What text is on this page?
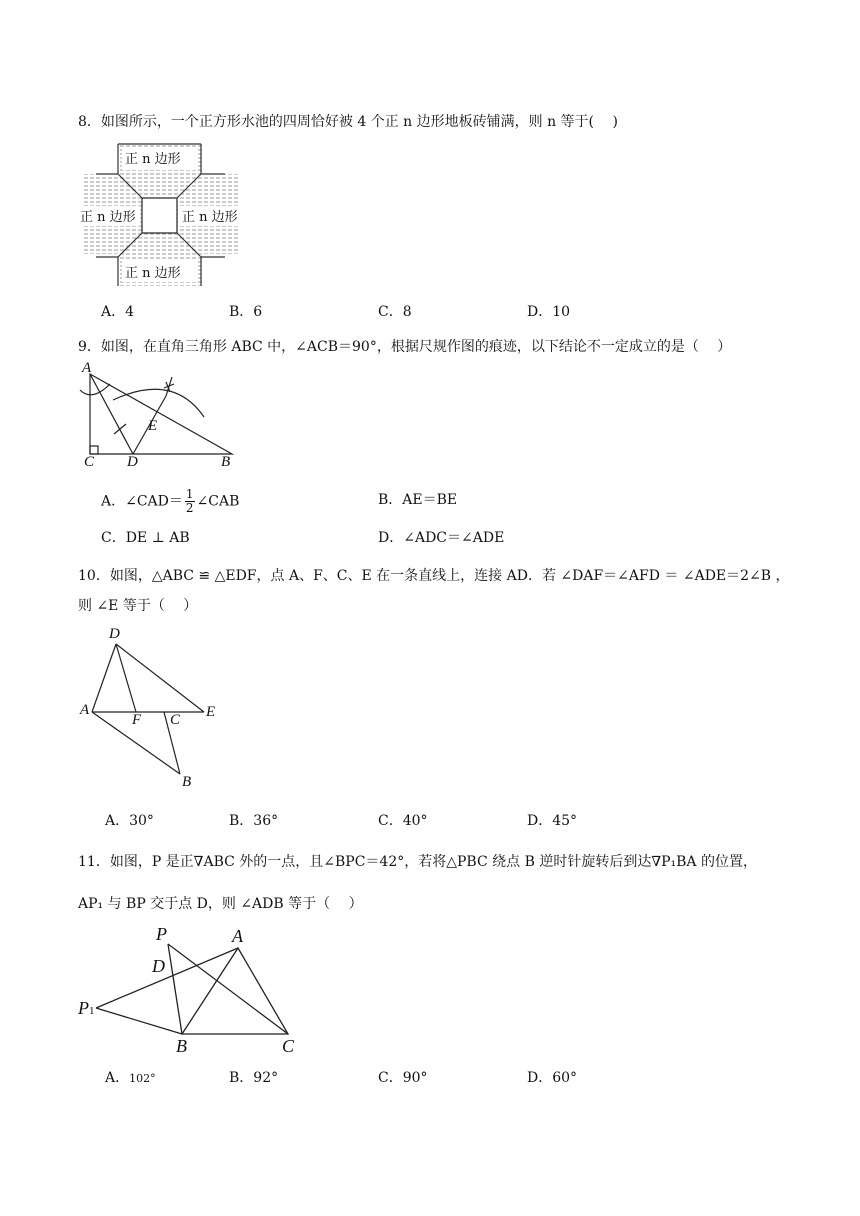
8．如图所示，一个正方形水池的四周恰好被 4 个正 n 边形地板砖铺满，则 n 等于(　 )
正 n 边形
正 n 边形	正 n 边形
正 n 边形
A．4	B．6	C．8	D．10
9．如图，在直角三角形 ABC 中，∠ACB＝90°，根据尺规作图的痕迹，以下结论不一定成立的是（　 ）
A
C D	B
E
A．∠CAD＝ $\frac{1}{2}$ ∠CAB	B．AE＝BE
C．DE ⊥ AB	D．∠ADC＝∠ADE
10．如图，△ABC ≌ △EDF，点 A、F、C、E 在一条直线上，连接 AD．若 ∠DAF＝∠AFD ＝ ∠ADE＝2∠B ，
则 ∠E 等于（　 ）
D
A
F C E
B
A．30°	B．36°	C．40°	D．45°
11．如图，P 是正∇ABC 外的一点，且∠BPC＝42°，若将△PBC 绕点 B 逆时针旋转后到达∇P₁BA 的位置，
AP₁ 与 BP 交于点 D，则 ∠ADB 等于（　 ）
P	A
D
P1
B	C
A．102°	B．92°	C．90°	D．60°
